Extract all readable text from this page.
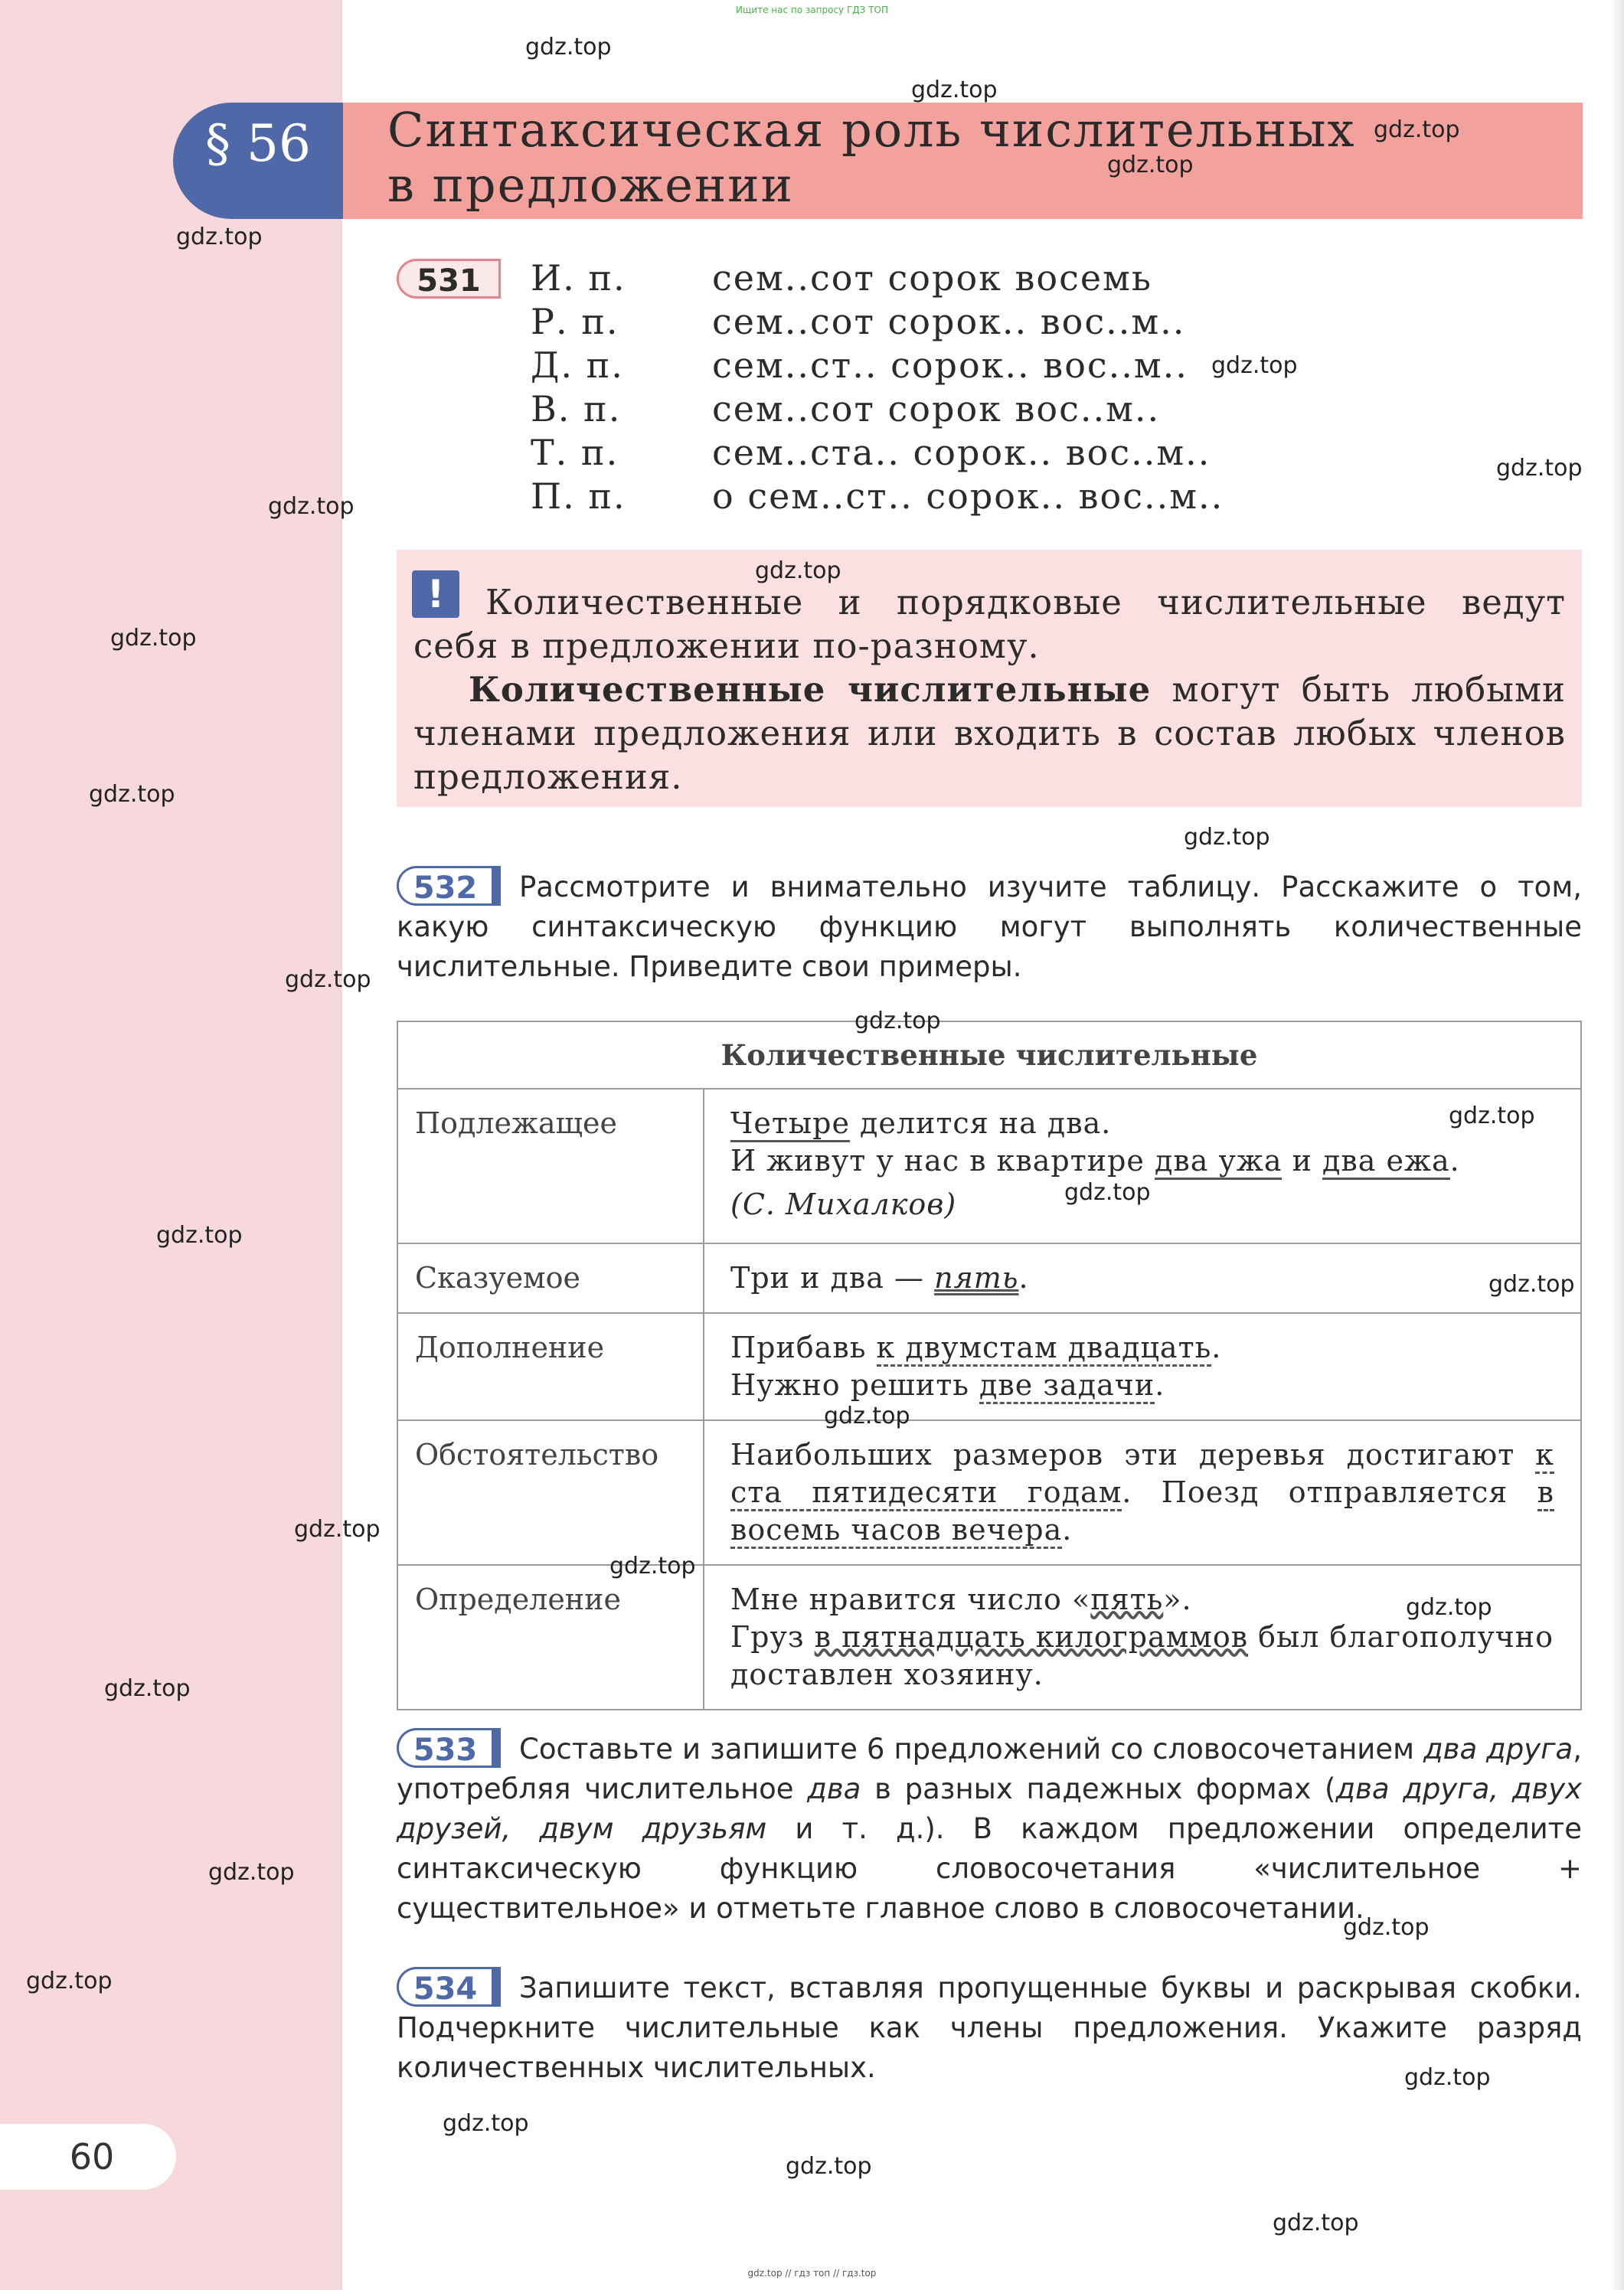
Ищите нас по запросу ГДЗ ТОП
§ 56	Синтаксическая роль числительных
в предложении
531	И. п.	сем..сот сорок восемь
Р. п.	сем..сот сорок.. вос..м..
Д. п.	сем..ст.. сорок.. вос..м..
В. п.	сем..сот сорок вос..м..
Т. п.	сем..ста.. сорок.. вос..м..
П. п.	о сем..ст.. сорок.. вос..м..
!	Количественные и порядковые числительные ведут себя в предложении по-разному.

Количественные числительные могут быть любыми членами предложения или входить в состав любых членов предложения.

532	Рассмотрите и внимательно изучите таблицу. Расскажите о том, какую синтаксическую функцию могут выполнять количественные числительные. Приведите свои примеры.
Количественные числительные	
Подлежащее	Четыре делится на два.
И живут у нас в квартире два ужа и два ежа.
(С. Михалков)

Сказуемое	Три и два — пять.
Дополнение	Прибавь к двумстам двадцать.
Нужно решить две задачи.

Обстоятельство	Наибольших размеров эти деревья достигают к ста пятидесяти годам. Поезд отправляется в восемь часов вечера.
Определение	Мне нравится число «пять».
Груз в пятнадцать килограммов был благополучно доставлен хозяину.
533	Составьте и запишите 6 предложений со словосочетанием два друга, употребляя числительное два в разных падежных формах (два друга, двух друзей, двум друзьям и т. д.). В каждом предложении определите синтаксическую функцию словосочетания «числительное + существительное» и отметьте главное слово в словосочетании.
534	Запишите текст, вставляя пропущенные буквы и раскрывая скобки. Подчеркните числительные как члены предложения. Укажите разряд количественных числительных.
60
gdz.top
gdz.top
gdz.top
gdz.top
gdz.top
gdz.top
gdz.top
gdz.top
gdz.top
gdz.top
gdz.top
gdz.top
gdz.top
gdz.top
gdz.top
gdz.top
gdz.top
gdz.top
gdz.top
gdz.top
gdz.top
gdz.top
gdz.top
gdz.top
gdz.top
gdz.top
gdz.top
gdz.top
gdz.top
gdz.top
gdz.top // гдз топ // гдз.top
